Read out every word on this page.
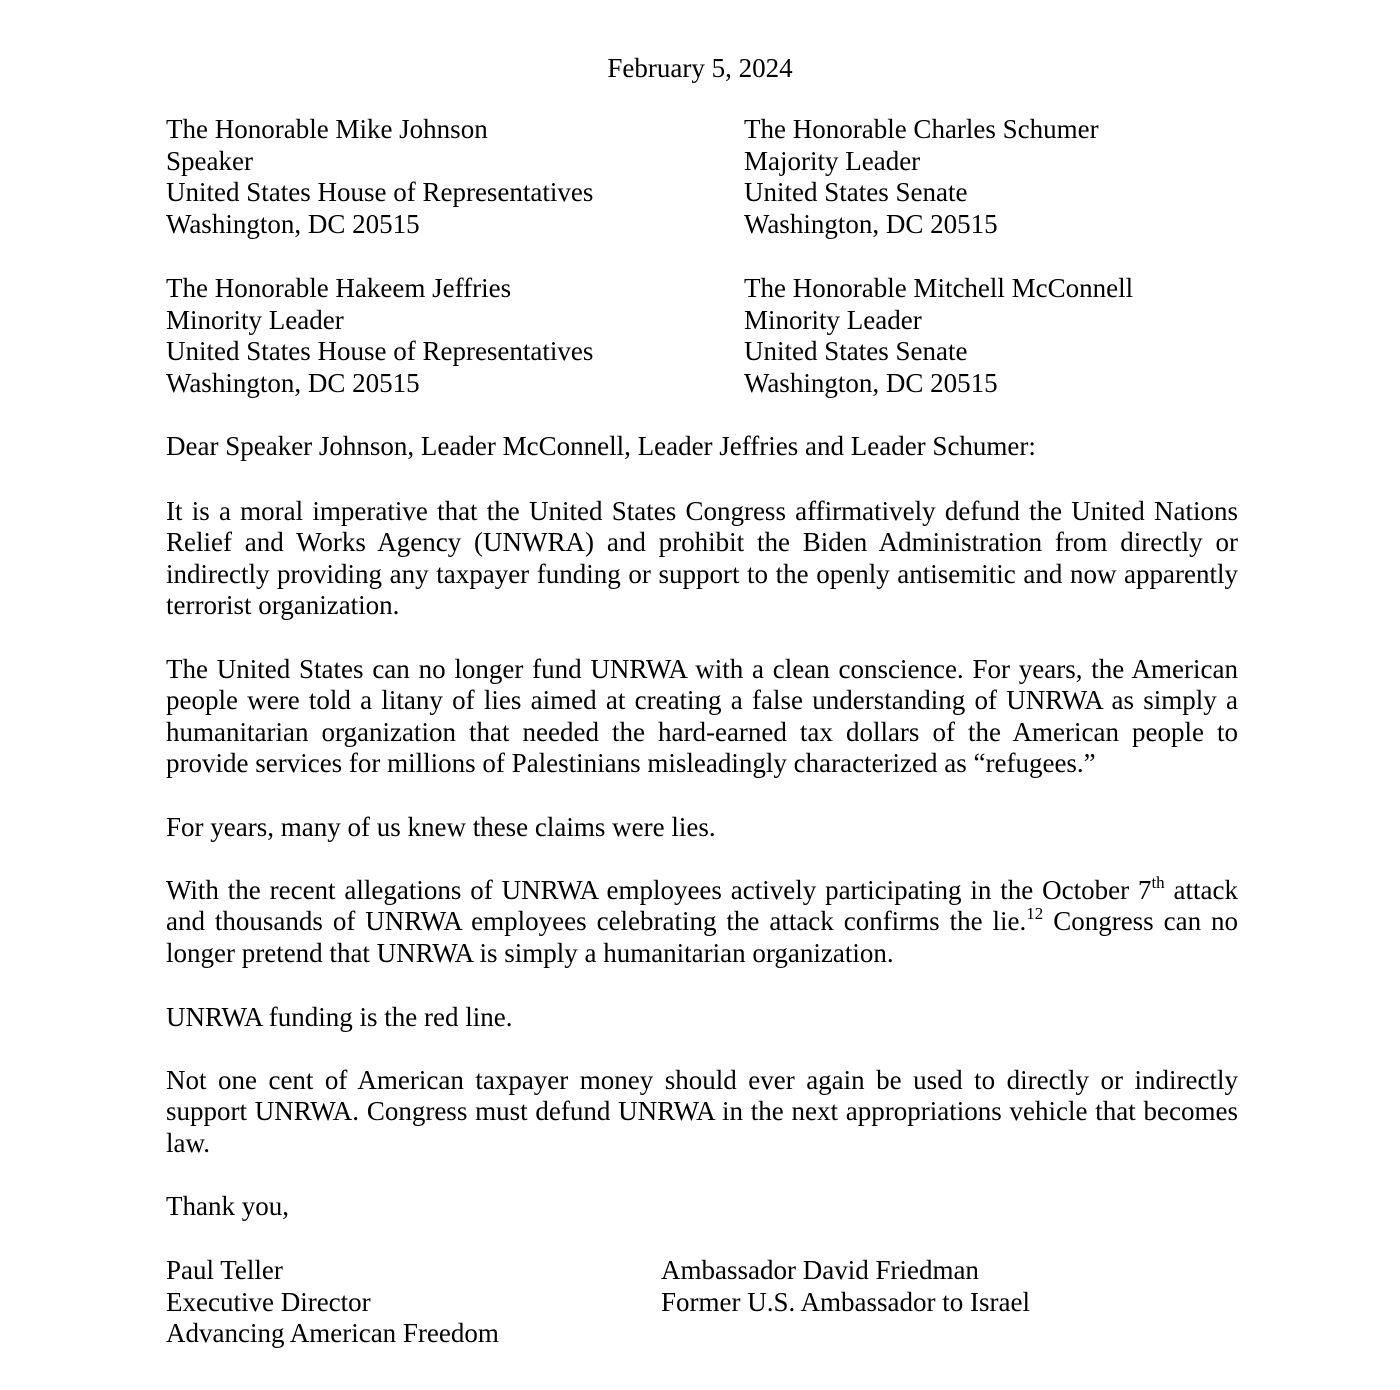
February 5, 2024
The Honorable Mike Johnson
Speaker
United States House of Representatives
Washington, DC 20515
The Honorable Charles Schumer
Majority Leader
United States Senate
Washington, DC 20515
The Honorable Hakeem Jeffries
Minority Leader
United States House of Representatives
Washington, DC 20515
The Honorable Mitchell McConnell
Minority Leader
United States Senate
Washington, DC 20515

Dear Speaker Johnson, Leader McConnell, Leader Jeffries and Leader Schumer:

It is a moral imperative that the United States Congress affirmatively defund the United Nations Relief and Works Agency (UNWRA) and prohibit the Biden Administration from directly or indirectly providing any taxpayer funding or support to the openly antisemitic and now apparently terrorist organization.

The United States can no longer fund UNRWA with a clean conscience. For years, the American people were told a litany of lies aimed at creating a false understanding of UNRWA as simply a humanitarian organization that needed the hard-earned tax dollars of the American people to provide services for millions of Palestinians misleadingly characterized as “refugees.”

For years, many of us knew these claims were lies.

With the recent allegations of UNRWA employees actively participating in the October 7th attack and thousands of UNRWA employees celebrating the attack confirms the lie.$^{12}$ Congress can no longer pretend that UNRWA is simply a humanitarian organization.

UNRWA funding is the red line.

Not one cent of American taxpayer money should ever again be used to directly or indirectly support UNRWA. Congress must defund UNRWA in the next appropriations vehicle that becomes law.

Thank you,

Paul Teller
Executive Director
Advancing American Freedom
Ambassador David Friedman
Former U.S. Ambassador to Israel
